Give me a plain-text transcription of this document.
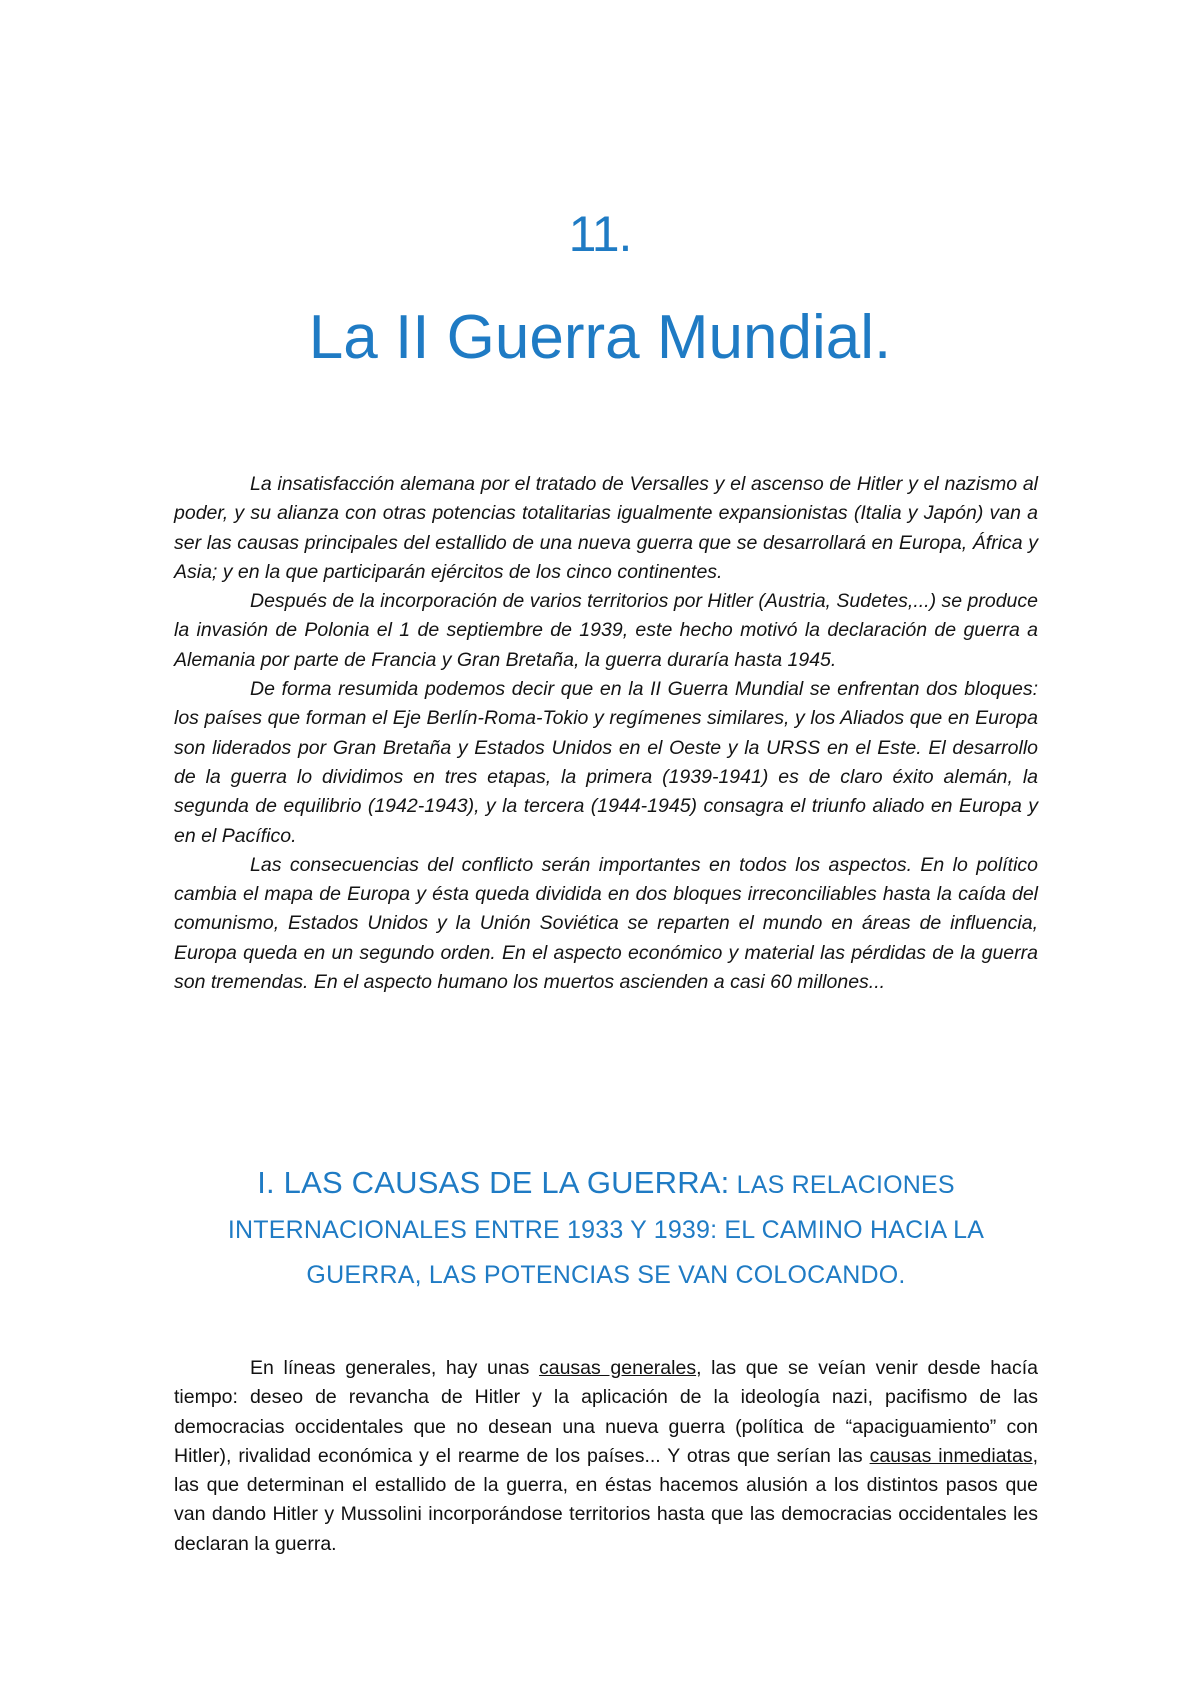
11.
La II Guerra Mundial.

La insatisfacción alemana por el tratado de Versalles y el ascenso de Hitler y el nazismo al poder, y su alianza con otras potencias totalitarias igualmente expansionistas (Italia y Japón) van a ser las causas principales del estallido de una nueva guerra que se desarrollará en Europa, África y Asia; y en la que participarán ejércitos de los cinco continentes.

Después de la incorporación de varios territorios por Hitler (Austria, Sudetes,...) se produce la invasión de Polonia el 1 de septiembre de 1939, este hecho motivó la declaración de guerra a Alemania por parte de Francia y Gran Bretaña, la guerra duraría hasta 1945.

De forma resumida podemos decir que en la II Guerra Mundial se enfrentan dos bloques: los países que forman el Eje Berlín-Roma-Tokio y regímenes similares, y los Aliados que en Europa son liderados por Gran Bretaña y Estados Unidos en el Oeste y la URSS en el Este. El desarrollo de la guerra lo dividimos en tres etapas, la primera (1939-1941) es de claro éxito alemán, la segunda de equilibrio (1942-1943), y la tercera (1944-1945) consagra el triunfo aliado en Europa y en el Pacífico.

Las consecuencias del conflicto serán importantes en todos los aspectos. En lo político cambia el mapa de Europa y ésta queda dividida en dos bloques irreconciliables hasta la caída del comunismo, Estados Unidos y la Unión Soviética se reparten el mundo en áreas de influencia, Europa queda en un segundo orden. En el aspecto económico y material las pérdidas de la guerra son tremendas. En el aspecto humano los muertos ascienden a casi 60 millones...

I. LAS CAUSAS DE LA GUERRA: LAS RELACIONES INTERNACIONALES ENTRE 1933 Y 1939: EL CAMINO HACIA LA GUERRA, LAS POTENCIAS SE VAN COLOCANDO.

En líneas generales, hay unas causas generales, las que se veían venir desde hacía tiempo: deseo de revancha de Hitler y la aplicación de la ideología nazi, pacifismo de las democracias occidentales que no desean una nueva guerra (política de “apaciguamiento” con Hitler), rivalidad económica y el rearme de los países... Y otras que serían las causas inmediatas, las que determinan el estallido de la guerra, en éstas hacemos alusión a los distintos pasos que van dando Hitler y Mussolini incorporándose territorios hasta que las democracias occidentales les declaran la guerra.
